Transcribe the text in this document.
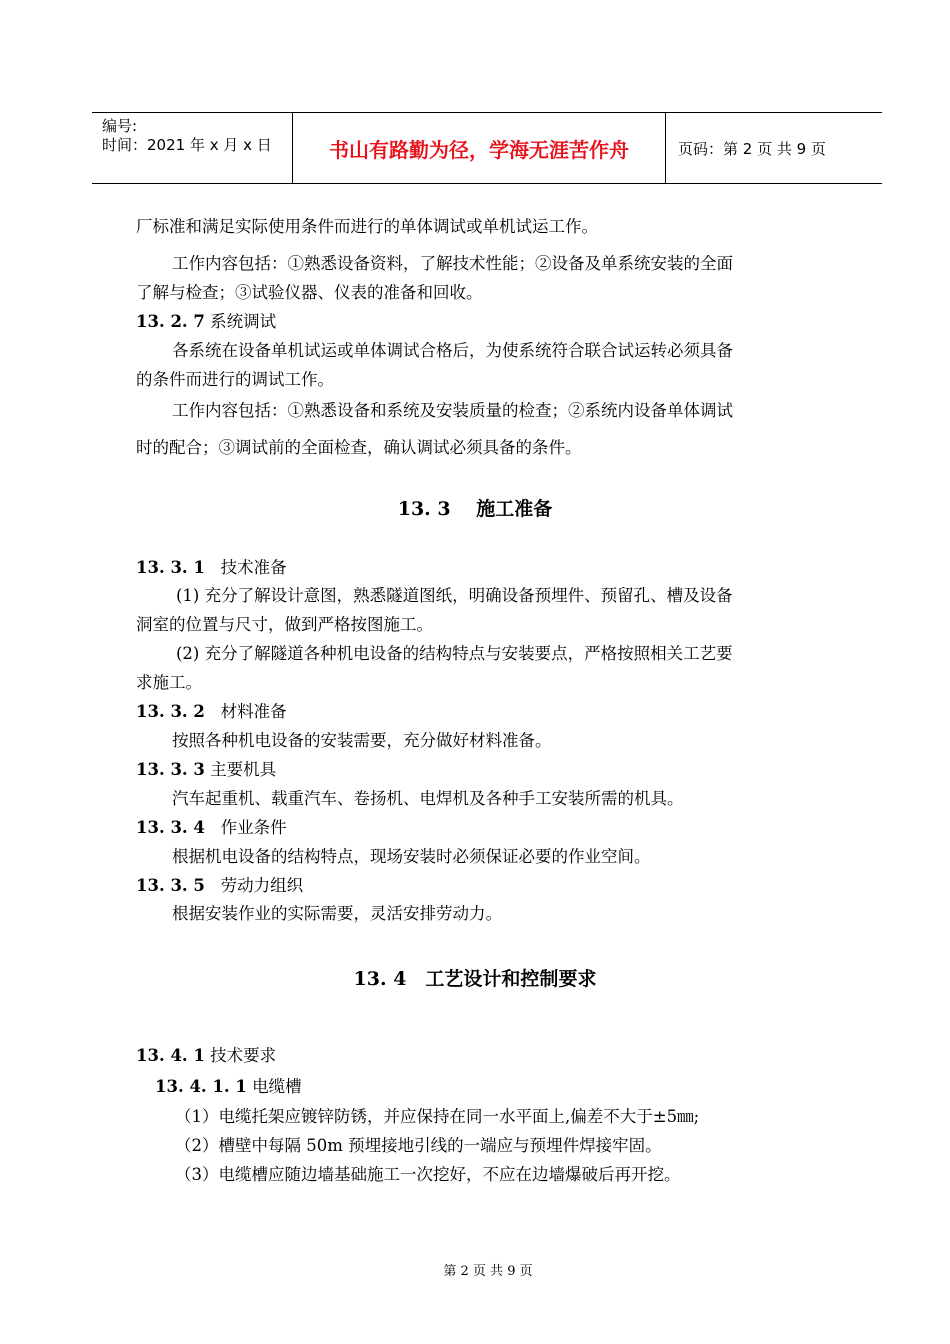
编号:
时间：2021 年 x 月 x 日	书山有路勤为径，学海无涯苦作舟	页码：第 2 页 共 9 页
厂标准和满足实际使用条件而进行的单体调试或单机试运工作。
工作内容包括：①熟悉设备资料，了解技术性能；②设备及单系统安装的全面
了解与检查；③试验仪器、仪表的准备和回收。
13. 2. 7 系统调试
各系统在设备单机试运或单体调试合格后，为使系统符合联合试运转必须具备
的条件而进行的调试工作。
工作内容包括：①熟悉设备和系统及安装质量的检查；②系统内设备单体调试
时的配合；③调试前的全面检查，确认调试必须具备的条件。
13. 3　 施工准备
13. 3. 1 技术准备
(1) 充分了解设计意图，熟悉隧道图纸，明确设备预埋件、预留孔、槽及设备
洞室的位置与尺寸，做到严格按图施工。
(2) 充分了解隧道各种机电设备的结构特点与安装要点，严格按照相关工艺要
求施工。
13. 3. 2 材料准备
按照各种机电设备的安装需要，充分做好材料准备。
13. 3. 3 主要机具
汽车起重机、载重汽车、卷扬机、电焊机及各种手工安装所需的机具。
13. 3. 4 作业条件
根据机电设备的结构特点，现场安装时必须保证必要的作业空间。
13. 3. 5 劳动力组织
根据安装作业的实际需要，灵活安排劳动力。
13. 4　工艺设计和控制要求
13. 4. 1 技术要求
13. 4. 1. 1 电缆槽
（1）电缆托架应镀锌防锈，并应保持在同一水平面上,偏差不大于±5㎜;
（2）槽壁中每隔 50m 预埋接地引线的一端应与预埋件焊接牢固。
（3）电缆槽应随边墙基础施工一次挖好，不应在边墙爆破后再开挖。
第 2 页 共 9 页
